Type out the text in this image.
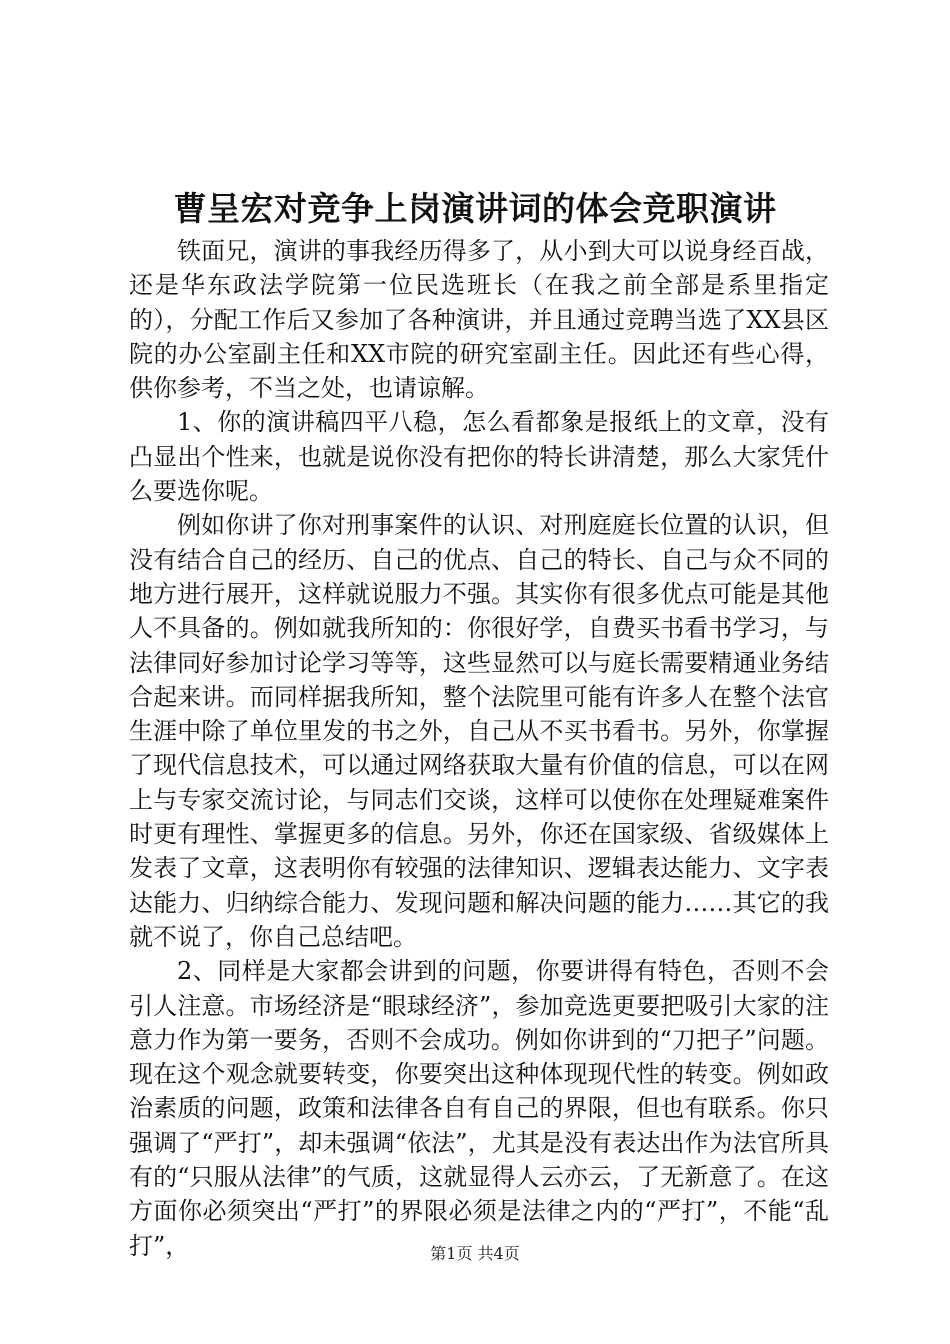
曹呈宏对竞争上岗演讲词的体会竞职演讲

铁面兄，演讲的事我经历得多了，从小到大可以说身经百战，还是华东政法学院第一位民选班长（在我之前全部是系里指定的），分配工作后又参加了各种演讲，并且通过竞聘当选了XX县区院的办公室副主任和XX市院的研究室副主任。因此还有些心得，供你参考，不当之处，也请谅解。

1、你的演讲稿四平八稳，怎么看都象是报纸上的文章，没有凸显出个性来，也就是说你没有把你的特长讲清楚，那么大家凭什么要选你呢。

例如你讲了你对刑事案件的认识、对刑庭庭长位置的认识，但没有结合自己的经历、自己的优点、自己的特长、自己与众不同的地方进行展开，这样就说服力不强。其实你有很多优点可能是其他人不具备的。例如就我所知的：你很好学，自费买书看书学习，与法律同好参加讨论学习等等，这些显然可以与庭长需要精通业务结合起来讲。而同样据我所知，整个法院里可能有许多人在整个法官生涯中除了单位里发的书之外，自己从不买书看书。另外，你掌握了现代信息技术，可以通过网络获取大量有价值的信息，可以在网上与专家交流讨论，与同志们交谈，这样可以使你在处理疑难案件时更有理性、掌握更多的信息。另外，你还在国家级、省级媒体上发表了文章，这表明你有较强的法律知识、逻辑表达能力、文字表达能力、归纳综合能力、发现问题和解决问题的能力……其它的我就不说了，你自己总结吧。

2、同样是大家都会讲到的问题，你要讲得有特色，否则不会引人注意。市场经济是“眼球经济”，参加竞选更要把吸引大家的注意力作为第一要务，否则不会成功。例如你讲到的“刀把子”问题。现在这个观念就要转变，你要突出这种体现现代性的转变。例如政治素质的问题，政策和法律各自有自己的界限，但也有联系。你只强调了“严打”，却未强调“依法”，尤其是没有表达出作为法官所具有的“只服从法律”的气质，这就显得人云亦云，了无新意了。在这方面你必须突出“严打”的界限必须是法律之内的“严打”，不能“乱打”，	第1页 共4页
